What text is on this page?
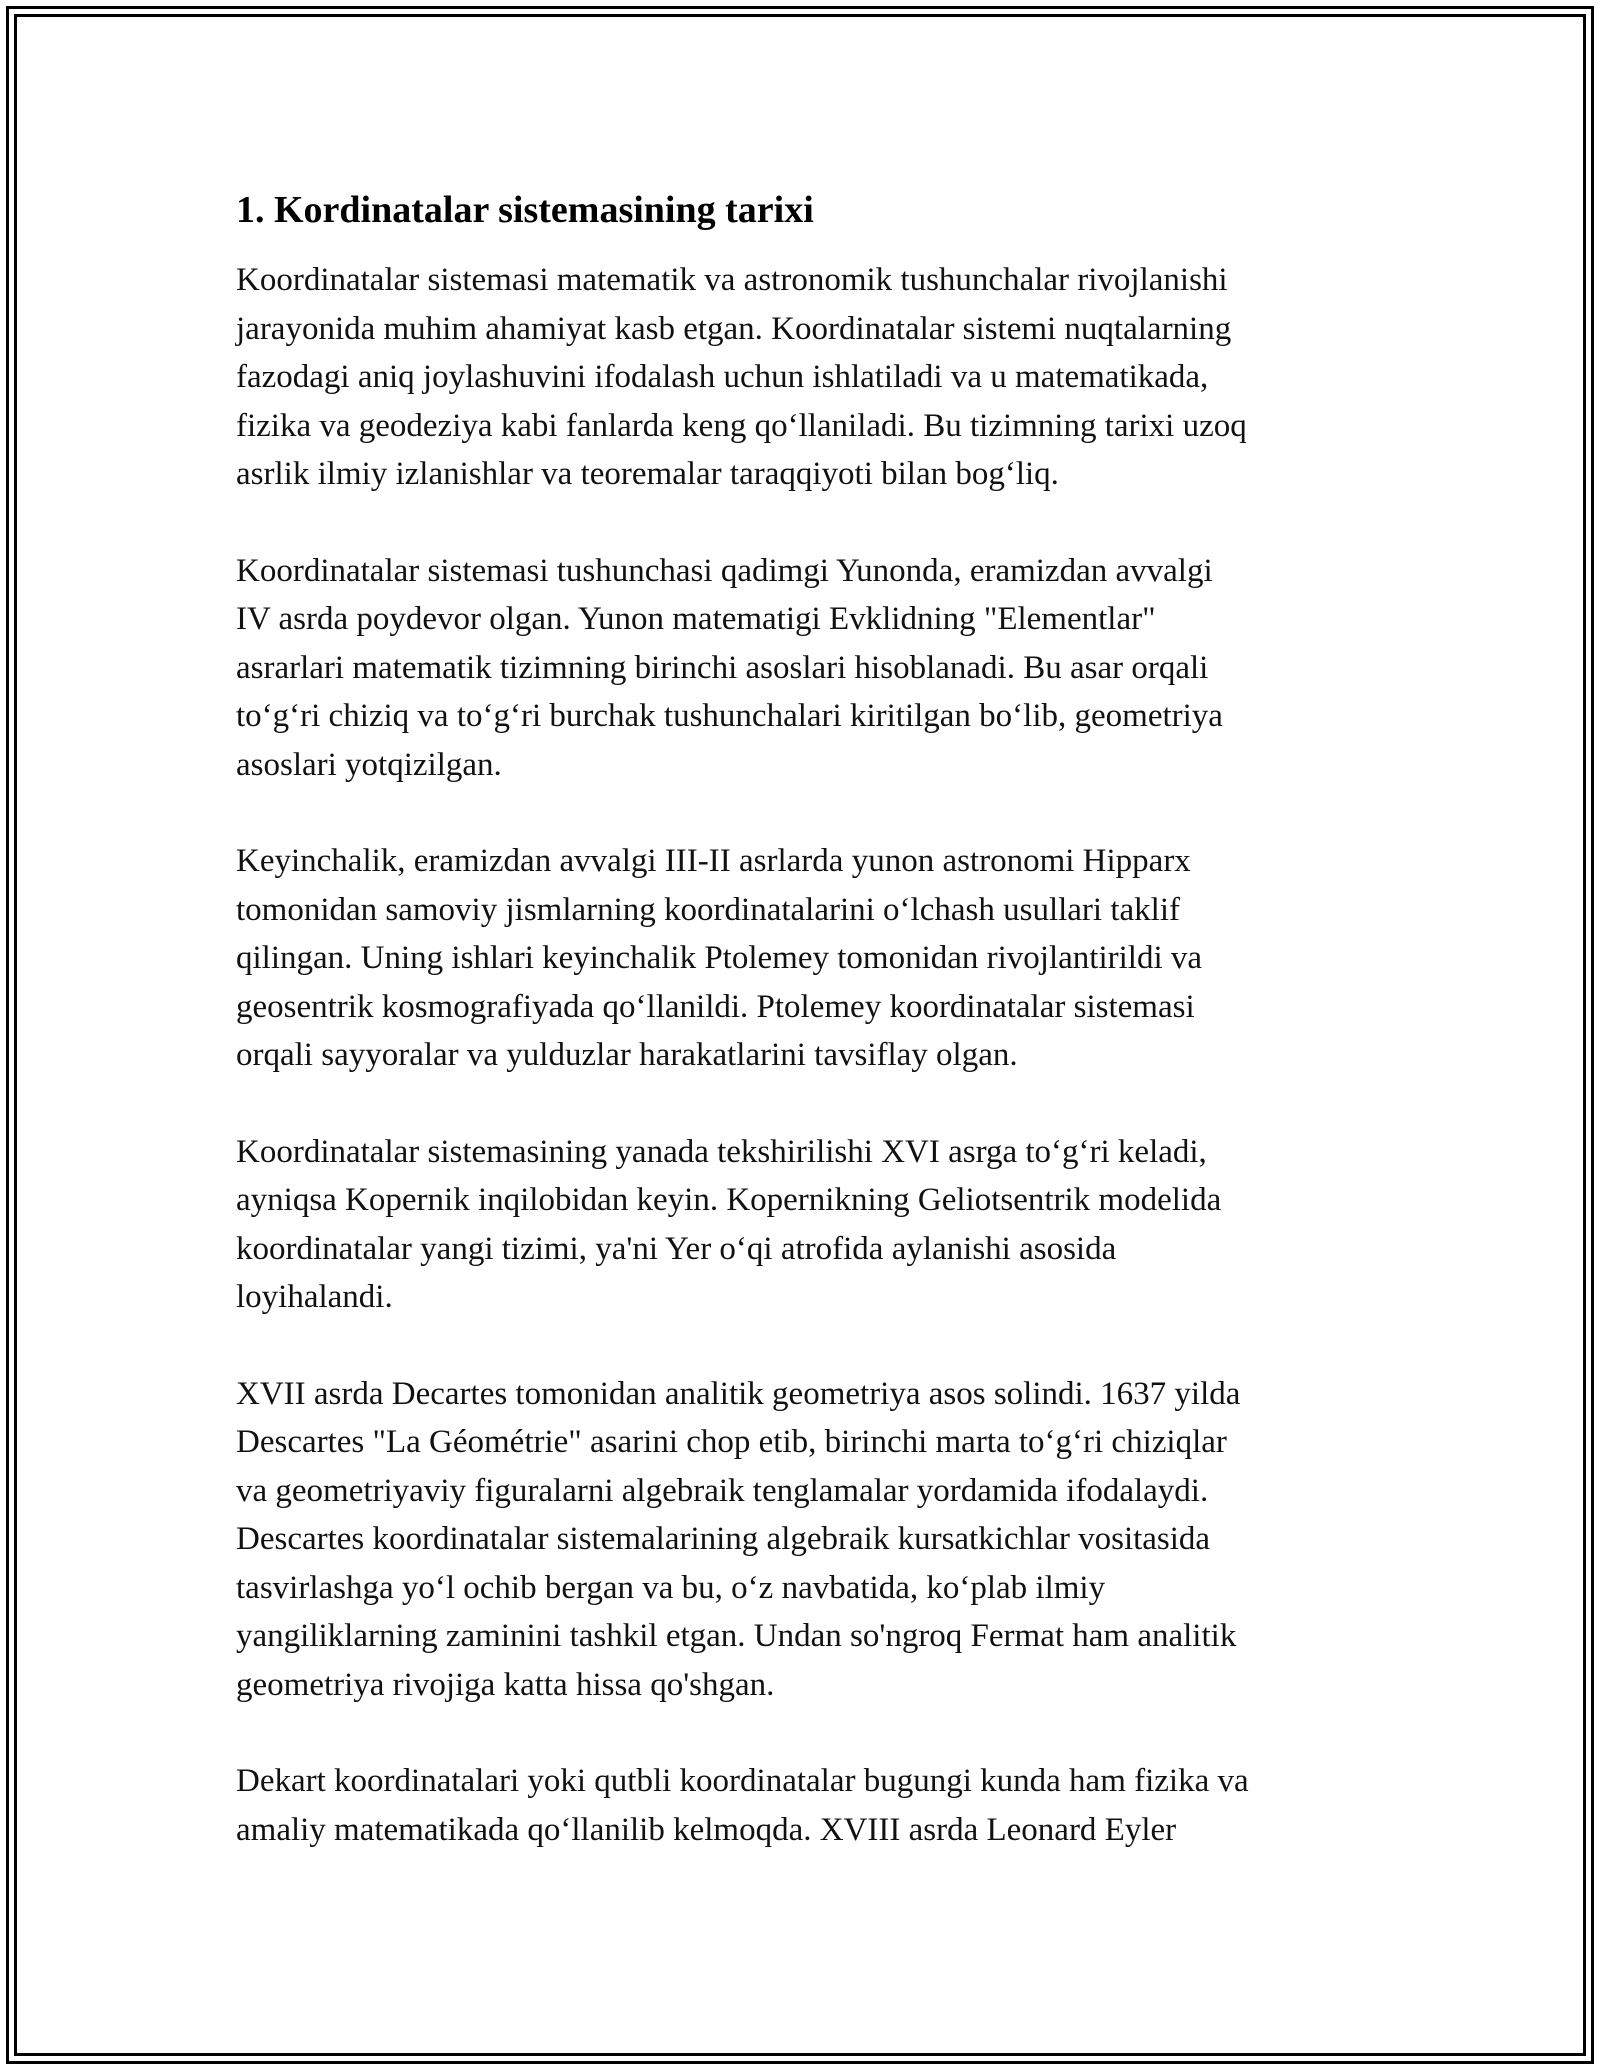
1. Kordinatalar sistemasining tarixi

Koordinatalar sistemasi matematik va astronomik tushunchalar rivojlanishi
jarayonida muhim ahamiyat kasb etgan. Koordinatalar sistemi nuqtalarning
fazodagi aniq joylashuvini ifodalash uchun ishlatiladi va u matematikada,
fizika va geodeziya kabi fanlarda keng qo‘llaniladi. Bu tizimning tarixi uzoq
asrlik ilmiy izlanishlar va teoremalar taraqqiyoti bilan bog‘liq.

Koordinatalar sistemasi tushunchasi qadimgi Yunonda, eramizdan avvalgi
IV asrda poydevor olgan. Yunon matematigi Evklidning "Elementlar"
asrarlari matematik tizimning birinchi asoslari hisoblanadi. Bu asar orqali
to‘g‘ri chiziq va to‘g‘ri burchak tushunchalari kiritilgan bo‘lib, geometriya
asoslari yotqizilgan.

Keyinchalik, eramizdan avvalgi III-II asrlarda yunon astronomi Hipparx
tomonidan samoviy jismlarning koordinatalarini o‘lchash usullari taklif
qilingan. Uning ishlari keyinchalik Ptolemey tomonidan rivojlantirildi va
geosentrik kosmografiyada qo‘llanildi. Ptolemey koordinatalar sistemasi
orqali sayyoralar va yulduzlar harakatlarini tavsiflay olgan.

Koordinatalar sistemasining yanada tekshirilishi XVI asrga to‘g‘ri keladi,
ayniqsa Kopernik inqilobidan keyin. Kopernikning Geliotsentrik modelida
koordinatalar yangi tizimi, ya'ni Yer o‘qi atrofida aylanishi asosida
loyihalandi.

XVII asrda Decartes tomonidan analitik geometriya asos solindi. 1637 yilda
Descartes "La Géométrie" asarini chop etib, birinchi marta to‘g‘ri chiziqlar
va geometriyaviy figuralarni algebraik tenglamalar yordamida ifodalaydi.
Descartes koordinatalar sistemalarining algebraik kursatkichlar vositasida
tasvirlashga yo‘l ochib bergan va bu, o‘z navbatida, ko‘plab ilmiy
yangiliklarning zaminini tashkil etgan. Undan so'ngroq Fermat ham analitik
geometriya rivojiga katta hissa qo'shgan.

Dekart koordinatalari yoki qutbli koordinatalar bugungi kunda ham fizika va
amaliy matematikada qo‘llanilib kelmoqda. XVIII asrda Leonard Eyler
